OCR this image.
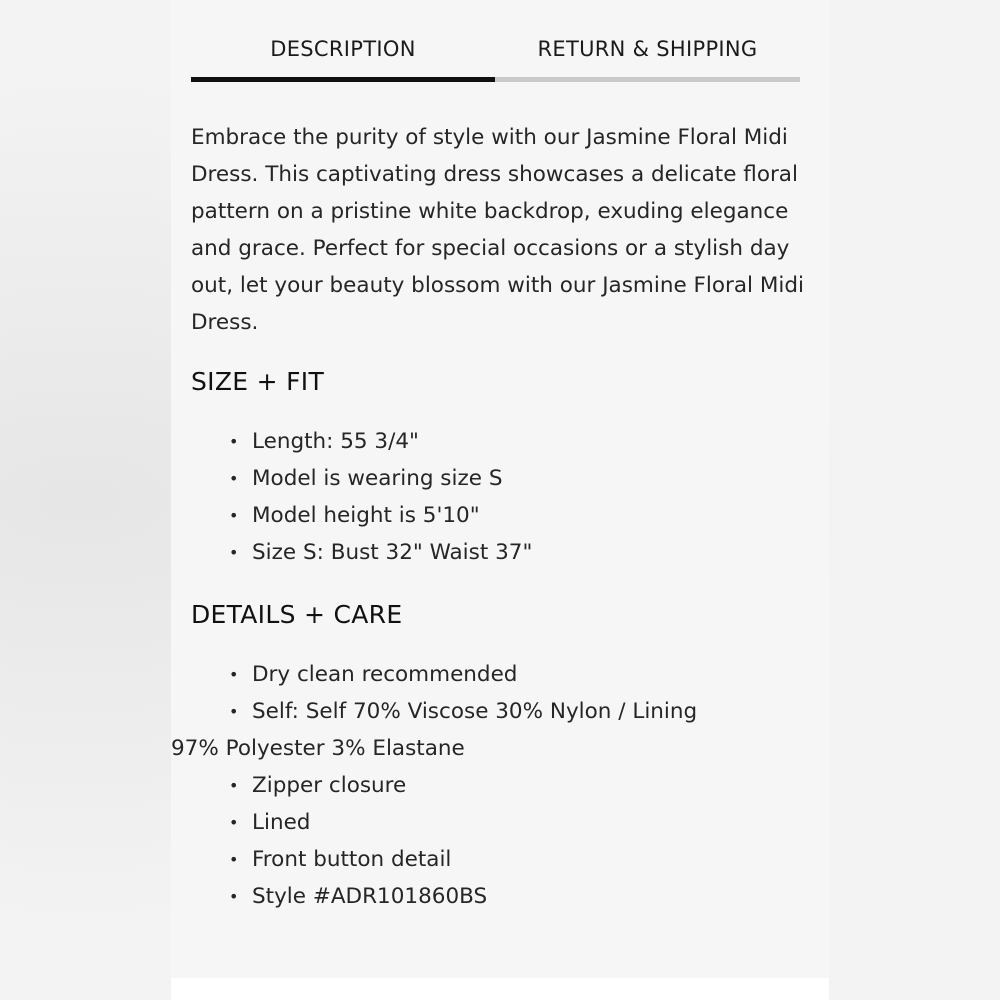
DESCRIPTION	RETURN & SHIPPING
Embrace the purity of style with our Jasmine Floral Midi Dress. This captivating dress showcases a delicate floral pattern on a pristine white backdrop, exuding elegance and grace. Perfect for special occasions or a stylish day out, let your beauty blossom with our Jasmine Floral Midi Dress.
SIZE + FIT
• Length: 55 3/4"
• Model is wearing size S
• Model height is 5'10"
• Size S: Bust 32" Waist 37"
DETAILS + CARE
• Dry clean recommended
• Self: Self 70% Viscose 30% Nylon / Lining
97% Polyester 3% Elastane
• Zipper closure
• Lined
• Front button detail
• Style #ADR101860BS
